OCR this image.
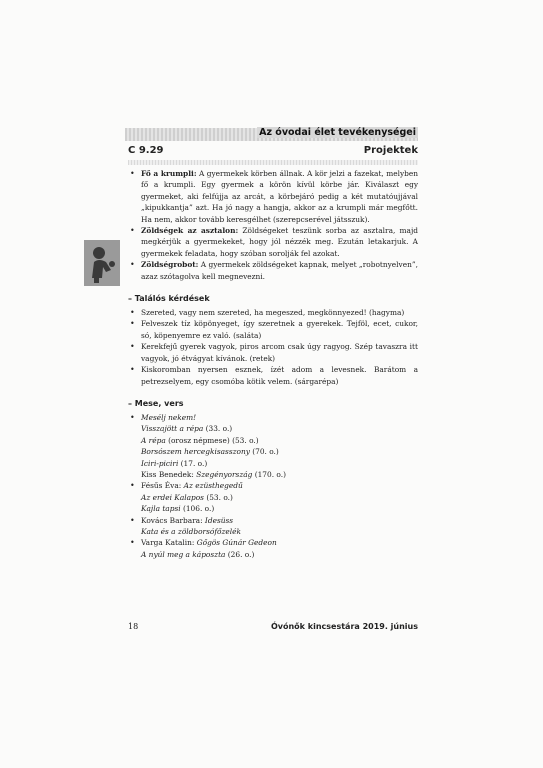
Az óvodai élet tevékenységei
C 9.29	Projektek
• Fő a krumpli: A gyermekek körben állnak. A kör jelzi a fazekat, melyben fő a krumpli. Egy gyermek a körön kívül körbe jár. Kiválaszt egy gyermeket, aki felfújja az arcát, a körbejáró pedig a két mutatóujjával „kipukkantja” azt. Ha jó nagy a hangja, akkor az a krumpli már megfőtt. Ha nem, akkor tovább keresgélhet (szerepcserével játsszuk).
• Zöldségek az asztalon: Zöldségeket teszünk sorba az asztalra, majd megkérjük a gyermekeket, hogy jól nézzék meg. Ezután letakarjuk. A gyermekek feladata, hogy szóban sorolják fel azokat.
• Zöldségrobot: A gyermekek zöldségeket kapnak, melyet „robotnyelven”, azaz szótagolva kell megnevezni.
– Találós kérdések
• Szereted, vagy nem szereted, ha megeszed, megkönnyezed! (hagyma)
• Felveszek tíz köpönyeget, így szeretnek a gyerekek. Tejföl, ecet, cukor, só, köpenyemre ez való. (saláta)
• Kerekfejű gyerek vagyok, piros arcom csak úgy ragyog. Szép tavaszra itt vagyok, jó étvágyat kívánok. (retek)
• Kiskoromban nyersen esznek, ízét adom a levesnek. Barátom a petrezselyem, egy csomóba kötik velem. (sárgarépa)
– Mese, vers
• Mesélj nekem!
Visszajött a répa (33. o.)
A répa (orosz népmese) (53. o.)
Borsószem hercegkisasszony (70. o.)
Iciri-piciri (17. o.)
Kiss Benedek: Szegényország (170. o.)
• Fésűs Éva: Az ezüsthegedű
Az erdei Kalapos (53. o.)
Kajla tapsi (106. o.)
• Kovács Barbara: Idesüss
Kata és a zöldborsófőzelék
• Varga Katalin: Gőgös Gúnár Gedeon
A nyúl meg a káposzta (26. o.)
18	Óvónők kincsestára 2019. június
